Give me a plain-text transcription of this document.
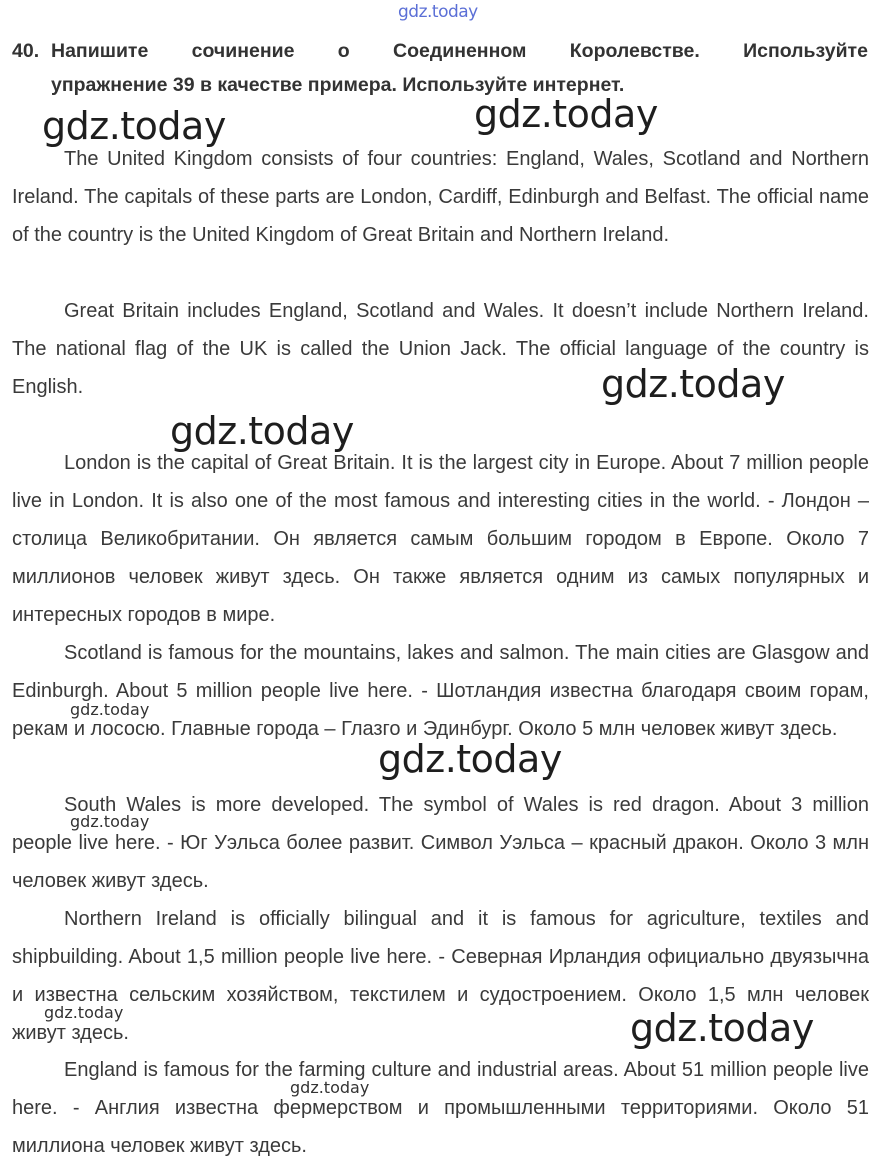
gdz.today
40. Напишите сочинение о Соединенном Королевстве. Используйте
упражнение 39 в качестве примера. Используйте интернет.

The United Kingdom consists of four countries: England, Wales, Scotland and Northern Ireland. The capitals of these parts are London, Cardiff, Edinburgh and Belfast. The official name of the country is the United Kingdom of Great Britain and Northern Ireland.

Great Britain includes England, Scotland and Wales. It doesn’t include Northern Ireland. The national flag of the UK is called the Union Jack. The official language of the country is English.

London is the capital of Great Britain. It is the largest city in Europe. About 7 million people live in London. It is also one of the most famous and interesting cities in the world. - Лондон – столица Великобритании. Он является самым большим городом в Европе. Около 7 миллионов человек живут здесь. Он также является одним из самых популярных и интересных городов в мире.

Scotland is famous for the mountains, lakes and salmon. The main cities are Glasgow and Edinburgh. About 5 million people live here. - Шотландия известна благодаря своим горам, рекам и лососю. Главные города – Глазго и Эдинбург. Около 5 млн человек живут здесь.

South Wales is more developed. The symbol of Wales is red dragon. About 3 million people live here. - Юг Уэльса более развит. Символ Уэльса – красный дракон. Около 3 млн человек живут здесь.

Northern Ireland is officially bilingual and it is famous for agriculture, textiles and shipbuilding. About 1,5 million people live here. - Северная Ирландия официально двуязычна и известна сельским хозяйством, текстилем и судостроением. Около 1,5 млн человек живут здесь.

England is famous for the farming culture and industrial areas. About 51 million people live here. - Англия известна фермерством и промышленными территориями. Около 51 миллиона человек живут здесь.

gdz.today	gdz.today
gdz.today
gdz.today
gdz.today
gdz.today
gdz.today
gdz.today	gdz.today
gdz.today
